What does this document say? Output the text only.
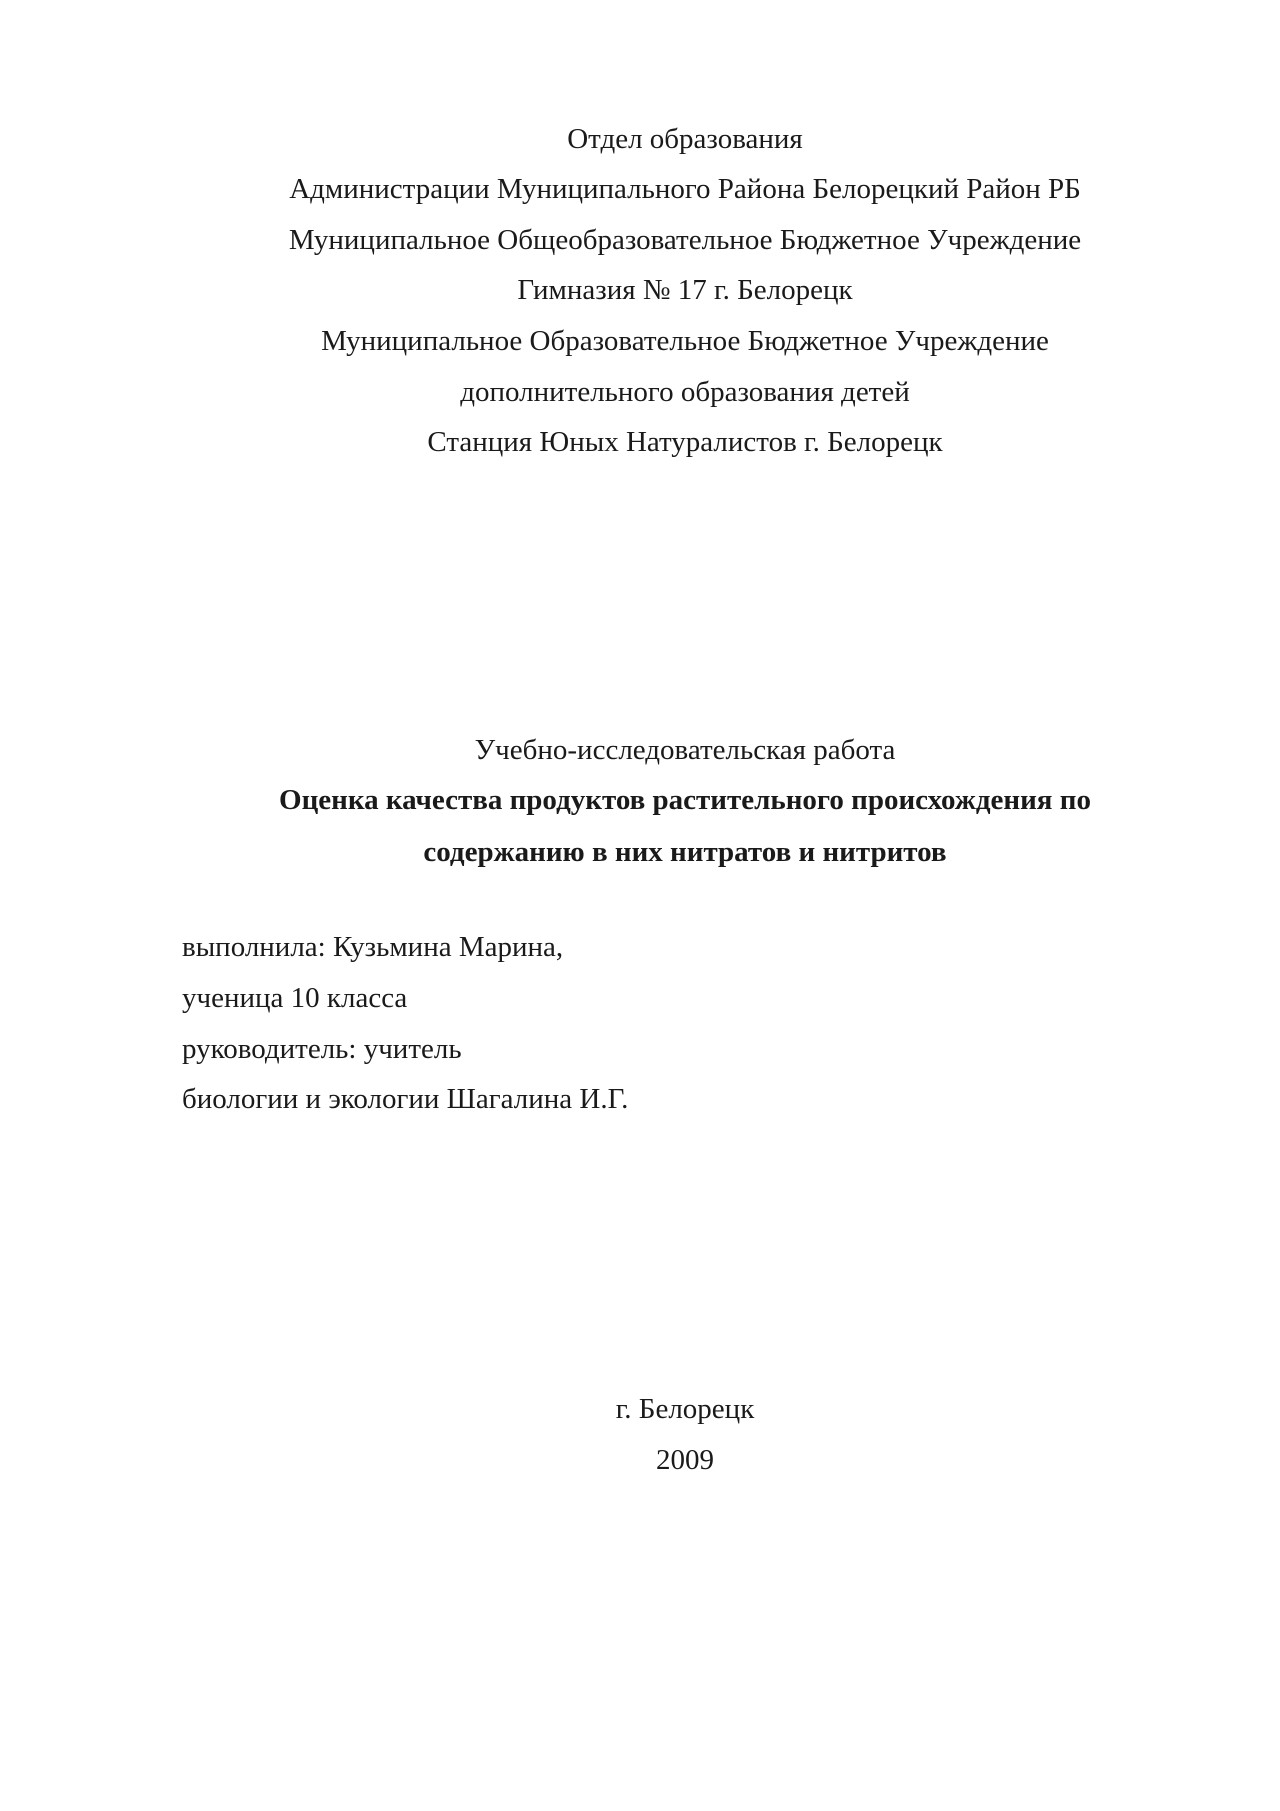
Отдел образования

Администрации Муниципального Района Белорецкий Район РБ

Муниципальное Общеобразовательное Бюджетное Учреждение

Гимназия № 17 г. Белорецк

Муниципальное Образовательное Бюджетное Учреждение

дополнительного образования детей

Станция Юных Натуралистов г. Белорецк

Учебно-исследовательская работа

Оценка качества продуктов растительного происхождения по

содержанию в них нитратов и нитритов

выполнила: Кузьмина Марина,

ученица 10 класса

руководитель: учитель

биологии и экологии Шагалина И.Г.

г. Белорецк

2009
